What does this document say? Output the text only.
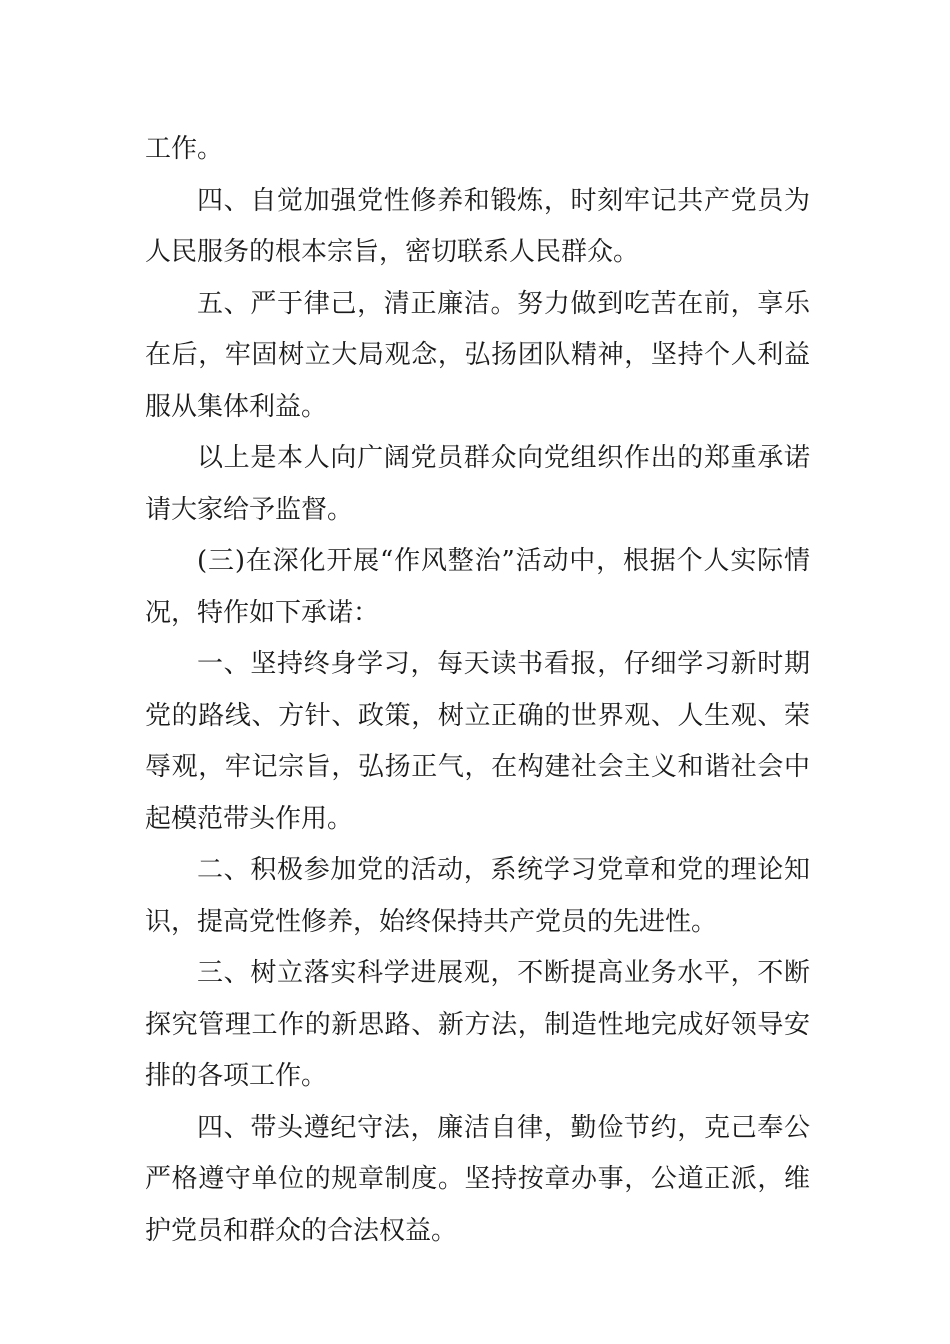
工作。

四、自觉加强党性修养和锻炼，时刻牢记共产党员为人民服务的根本宗旨，密切联系人民群众。

五、严于律己，清正廉洁。努力做到吃苦在前，享乐在后，牢固树立大局观念，弘扬团队精神，坚持个人利益服从集体利益。

以上是本人向广阔党员群众向党组织作出的郑重承诺请大家给予监督。

(三)在深化开展“作风整治”活动中，根据个人实际情况，特作如下承诺：

一、坚持终身学习，每天读书看报，仔细学习新时期党的路线、方针、政策，树立正确的世界观、人生观、荣辱观，牢记宗旨，弘扬正气，在构建社会主义和谐社会中起模范带头作用。

二、积极参加党的活动，系统学习党章和党的理论知识，提高党性修养，始终保持共产党员的先进性。

三、树立落实科学进展观，不断提高业务水平，不断探究管理工作的新思路、新方法，制造性地完成好领导安排的各项工作。

四、带头遵纪守法，廉洁自律，勤俭节约，克己奉公严格遵守单位的规章制度。坚持按章办事，公道正派，维护党员和群众的合法权益。
